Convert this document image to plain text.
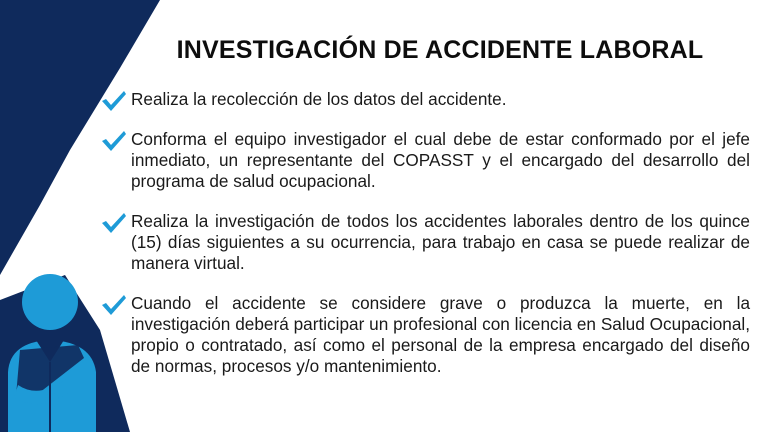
INVESTIGACIÓN DE ACCIDENTE LABORAL

Realiza la recolección de los datos del accidente.

Conforma el equipo investigador el cual debe de estar conformado por el jefe inmediato, un representante del COPASST y el encargado del desarrollo del programa de salud ocupacional.

Realiza la investigación de todos los accidentes laborales dentro de los quince (15) días siguientes a su ocurrencia, para trabajo en casa se puede realizar de manera virtual.

Cuando el accidente se considere grave o produzca la muerte, en la investigación deberá participar un profesional con licencia en Salud Ocupacional, propio o contratado, así como el personal de la empresa encargado del diseño de normas, procesos y/o mantenimiento.
